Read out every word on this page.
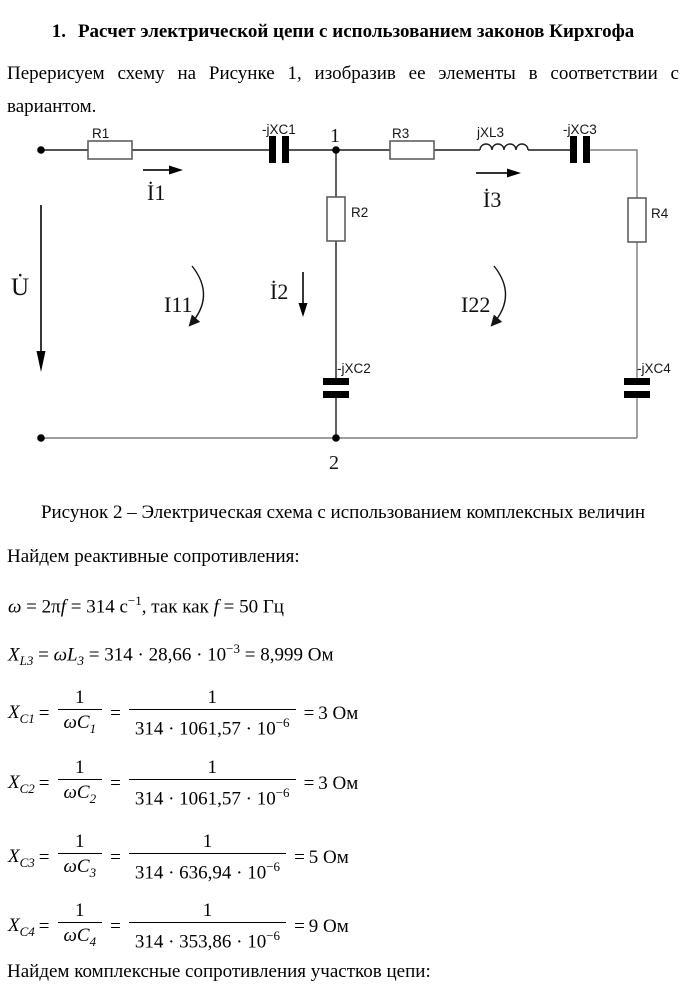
1. Расчет электрической цепи с использованием законов Кирхгофа
Перерисуем схему на Рисунке 1, изобразив ее элементы в соответствии с вариантом.
R1	-jXC1 1	R3	jXL3	-jXC3
R2	R4
-jXC2	-jXC4
2
U̇
İ1
İ2
İ3
I11	I22
Рисунок 2 – Электрическая схема с использованием комплексных величин
Найдем реактивные сопротивления:
ω = 2πf = 314 $с^{-1}$, так как f = 50 Гц
$X_{L3} = \omega L_3 = 314 \cdot 28,66 \cdot 10^{-3} = 8,999$ Ом
$X_{C1} = \frac{1}{\omega C_1} = \frac{1}{314 \cdot 1061,57 \cdot 10^{-6}} = 3$ Ом
$X_{C2} = \frac{1}{\omega C_2} = \frac{1}{314 \cdot 1061,57 \cdot 10^{-6}} = 3$ Ом
$X_{C3} = \frac{1}{\omega C_3} = \frac{1}{314 \cdot 636,94 \cdot 10^{-6}} = 5$ Ом
$X_{C4} = \frac{1}{\omega C_4} = \frac{1}{314 \cdot 353,86 \cdot 10^{-6}} = 9$ Ом
Найдем комплексные сопротивления участков цепи:
